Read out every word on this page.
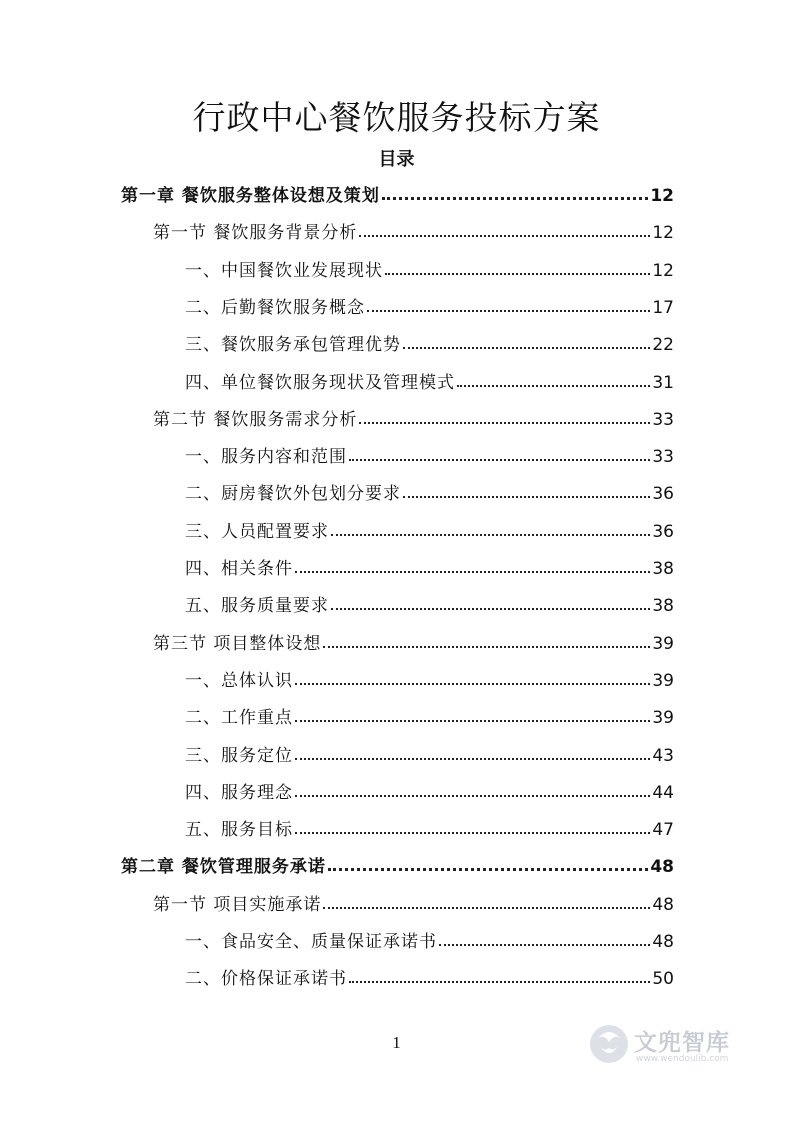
行政中心餐饮服务投标方案
目录
第一章 餐饮服务整体设想及策划	12
第一节 餐饮服务背景分析	12
一、中国餐饮业发展现状	12
二、后勤餐饮服务概念	17
三、餐饮服务承包管理优势	22
四、单位餐饮服务现状及管理模式	31
第二节 餐饮服务需求分析	33
一、服务内容和范围	33
二、厨房餐饮外包划分要求	36
三、人员配置要求	36
四、相关条件	38
五、服务质量要求	38
第三节 项目整体设想	39
一、总体认识	39
二、工作重点	39
三、服务定位	43
四、服务理念	44
五、服务目标	47
第二章 餐饮管理服务承诺	48
第一节 项目实施承诺	48
一、食品安全、质量保证承诺书	48
二、价格保证承诺书	50
1	文兜智库
www.wendoulib.com
